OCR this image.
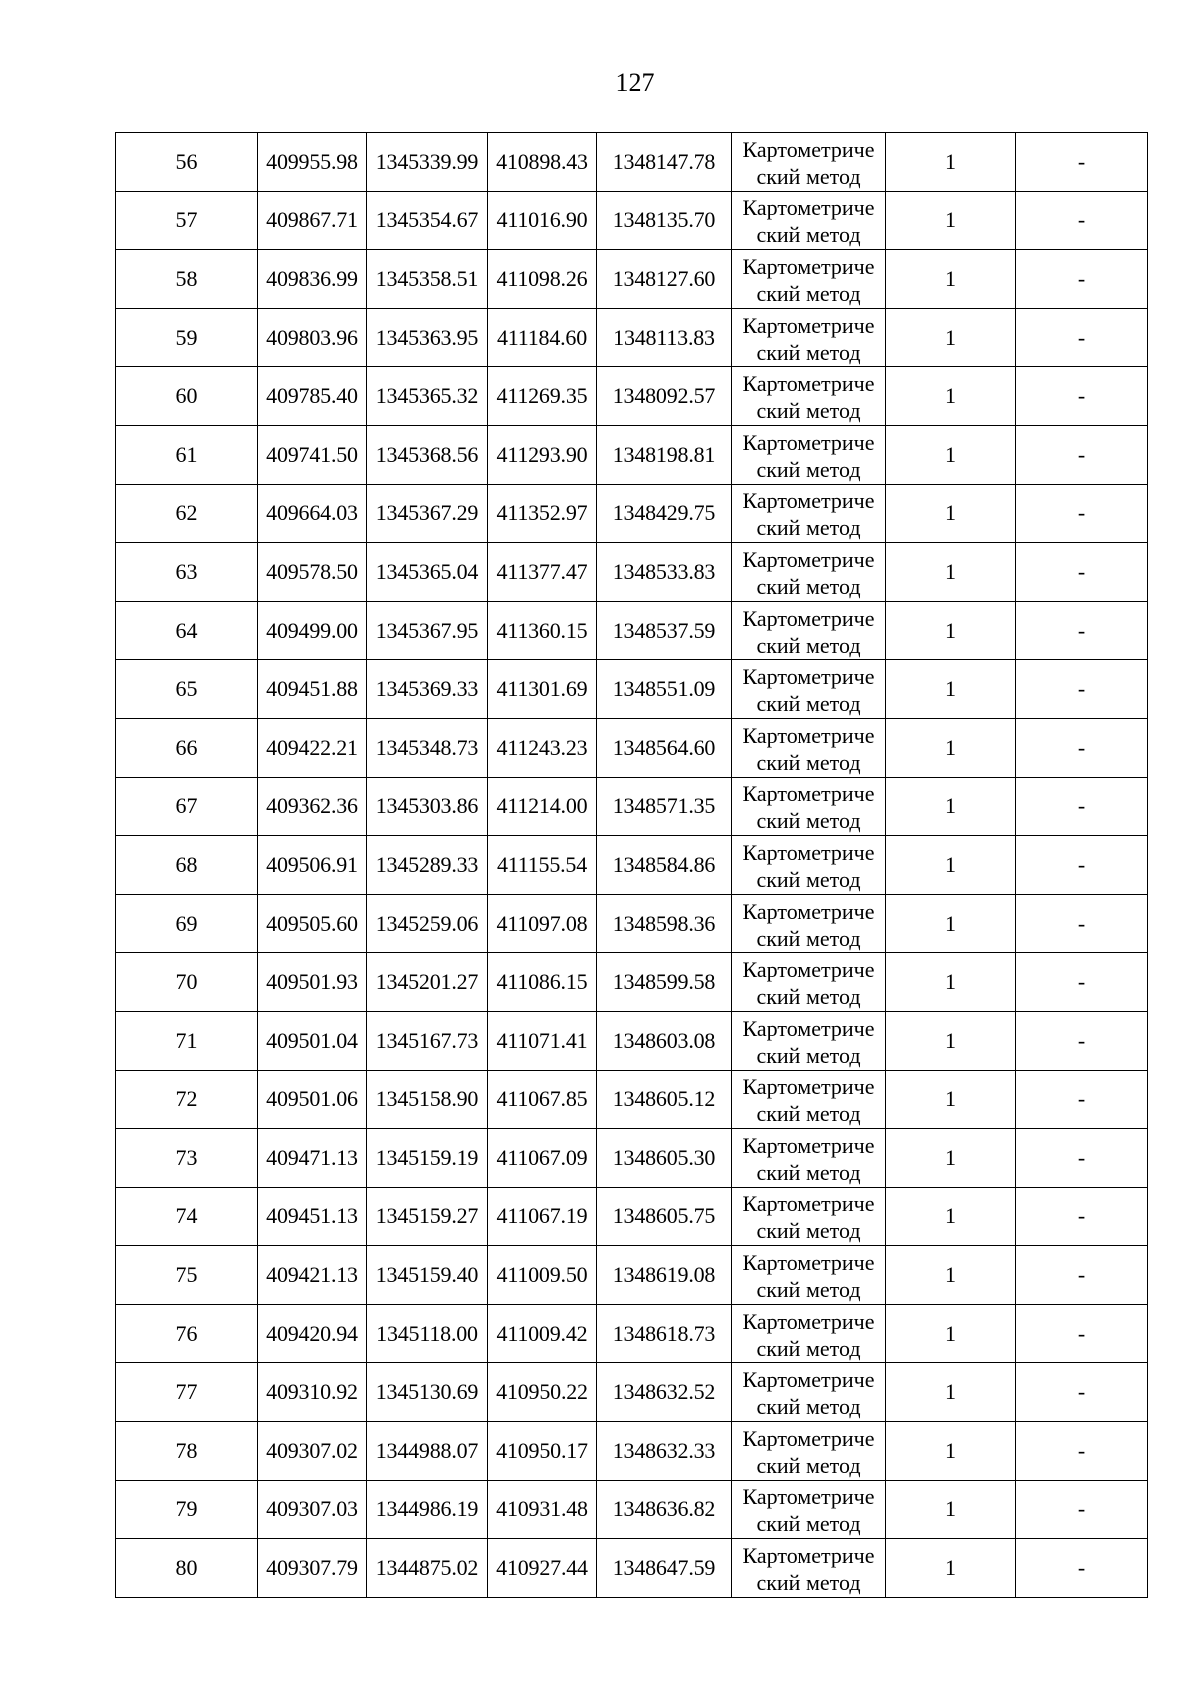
127
56	409955.98	1345339.99	410898.43	1348147.78	Картометриче
ский метод	1	-
57	409867.71	1345354.67	411016.90	1348135.70	Картометриче
ский метод	1	-
58	409836.99	1345358.51	411098.26	1348127.60	Картометриче
ский метод	1	-
59	409803.96	1345363.95	411184.60	1348113.83	Картометриче
ский метод	1	-
60	409785.40	1345365.32	411269.35	1348092.57	Картометриче
ский метод	1	-
61	409741.50	1345368.56	411293.90	1348198.81	Картометриче
ский метод	1	-
62	409664.03	1345367.29	411352.97	1348429.75	Картометриче
ский метод	1	-
63	409578.50	1345365.04	411377.47	1348533.83	Картометриче
ский метод	1	-
64	409499.00	1345367.95	411360.15	1348537.59	Картометриче
ский метод	1	-
65	409451.88	1345369.33	411301.69	1348551.09	Картометриче
ский метод	1	-
66	409422.21	1345348.73	411243.23	1348564.60	Картометриче
ский метод	1	-
67	409362.36	1345303.86	411214.00	1348571.35	Картометриче
ский метод	1	-
68	409506.91	1345289.33	411155.54	1348584.86	Картометриче
ский метод	1	-
69	409505.60	1345259.06	411097.08	1348598.36	Картометриче
ский метод	1	-
70	409501.93	1345201.27	411086.15	1348599.58	Картометриче
ский метод	1	-
71	409501.04	1345167.73	411071.41	1348603.08	Картометриче
ский метод	1	-
72	409501.06	1345158.90	411067.85	1348605.12	Картометриче
ский метод	1	-
73	409471.13	1345159.19	411067.09	1348605.30	Картометриче
ский метод	1	-
74	409451.13	1345159.27	411067.19	1348605.75	Картометриче
ский метод	1	-
75	409421.13	1345159.40	411009.50	1348619.08	Картометриче
ский метод	1	-
76	409420.94	1345118.00	411009.42	1348618.73	Картометриче
ский метод	1	-
77	409310.92	1345130.69	410950.22	1348632.52	Картометриче
ский метод	1	-
78	409307.02	1344988.07	410950.17	1348632.33	Картометриче
ский метод	1	-
79	409307.03	1344986.19	410931.48	1348636.82	Картометриче
ский метод	1	-
80	409307.79	1344875.02	410927.44	1348647.59	Картометриче
ский метод	1	-
